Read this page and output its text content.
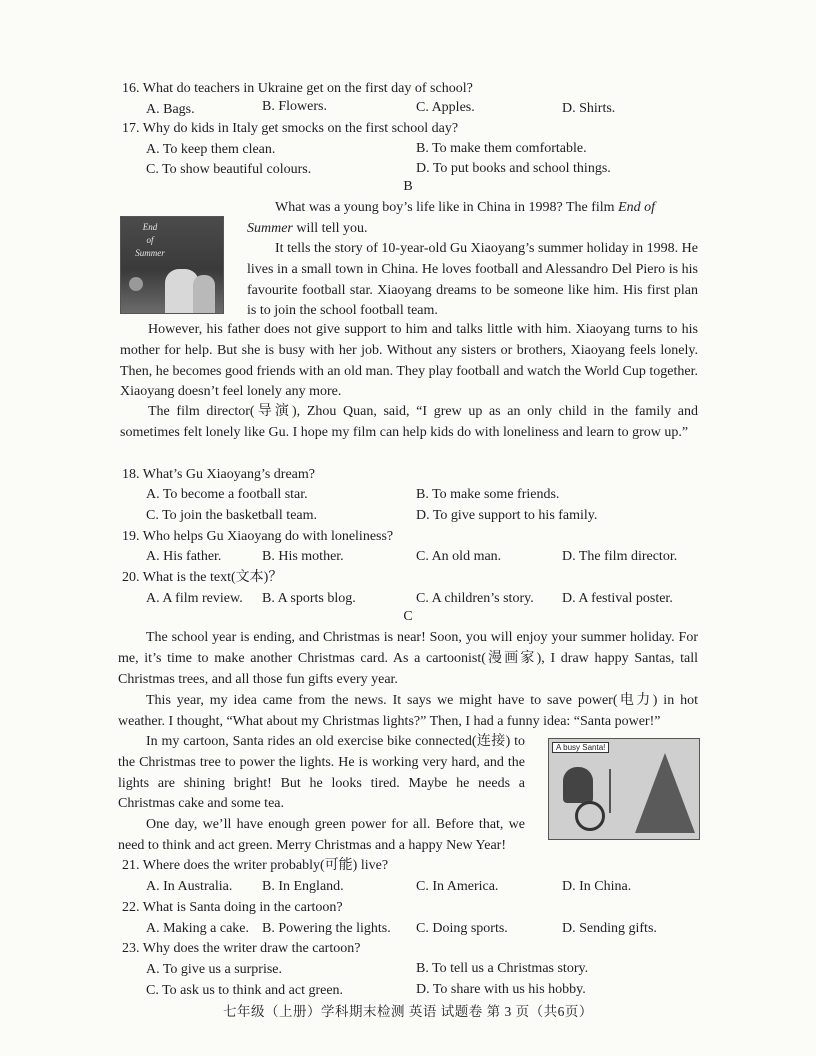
16. What do teachers in Ukraine get on the first day of school?
A. Bags.	B. Flowers.	C. Apples.	D. Shirts.
17. Why do kids in Italy get smocks on the first school day?
A. To keep them clean.	B. To make them comfortable.
C. To show beautiful colours.	D. To put books and school things.
B
End
of
Summer
What was a young boy’s life like in China in 1998? The film End of
Summer will tell you.
It tells the story of 10-year-old Gu Xiaoyang’s summer holiday in 1998. He lives in a small town in China. He loves football and Alessandro Del Piero is his favourite football star. Xiaoyang dreams to be someone like him. His first plan is to join the school football team.
However, his father does not give support to him and talks little with him. Xiaoyang turns to his mother for help. But she is busy with her job. Without any sisters or brothers, Xiaoyang feels lonely. Then, he becomes good friends with an old man. They play football and watch the World Cup together. Xiaoyang doesn’t feel lonely any more.
The film director(导演), Zhou Quan, said, “I grew up as an only child in the family and sometimes felt lonely like Gu. I hope my film can help kids do with loneliness and learn to grow up.”
18. What’s Gu Xiaoyang’s dream?
A. To become a football star.	B. To make some friends.
C. To join the basketball team.	D. To give support to his family.
19. Who helps Gu Xiaoyang do with loneliness?
A. His father.	B. His mother.	C. An old man.	D. The film director.
20. What is the text(文本)？
A. A film review. B. A sports blog.	C. A children’s story. D. A festival poster.
C
The school year is ending, and Christmas is near! Soon, you will enjoy your summer holiday. For me, it’s time to make another Christmas card. As a cartoonist(漫画家), I draw happy Santas, tall Christmas trees, and all those fun gifts every year.
This year, my idea came from the news. It says we might have to save power(电力) in hot weather. I thought, “What about my Christmas lights?” Then, I had a funny idea: “Santa power!”
In my cartoon, Santa rides an old exercise bike connected(连接) to the Christmas tree to power the lights. He is working very hard, and the lights are shining bright! But he looks tired. Maybe he needs a Christmas cake and some tea.
One day, we’ll have enough green power for all. Before that, we need to think and act green. Merry Christmas and a happy New Year!
A busy Santa!
21. Where does the writer probably(可能) live?
A. In Australia. B. In England.	C. In America.	D. In China.
22. What is Santa doing in the cartoon?
A. Making a cake. B. Powering the lights. C. Doing sports.	D. Sending gifts.
23. Why does the writer draw the cartoon?
A. To give us a surprise.	B. To tell us a Christmas story.
C. To ask us to think and act green.	D. To share with us his hobby.
七年级（上册）学科期末检测 英语 试题卷 第 3 页（共6页）
